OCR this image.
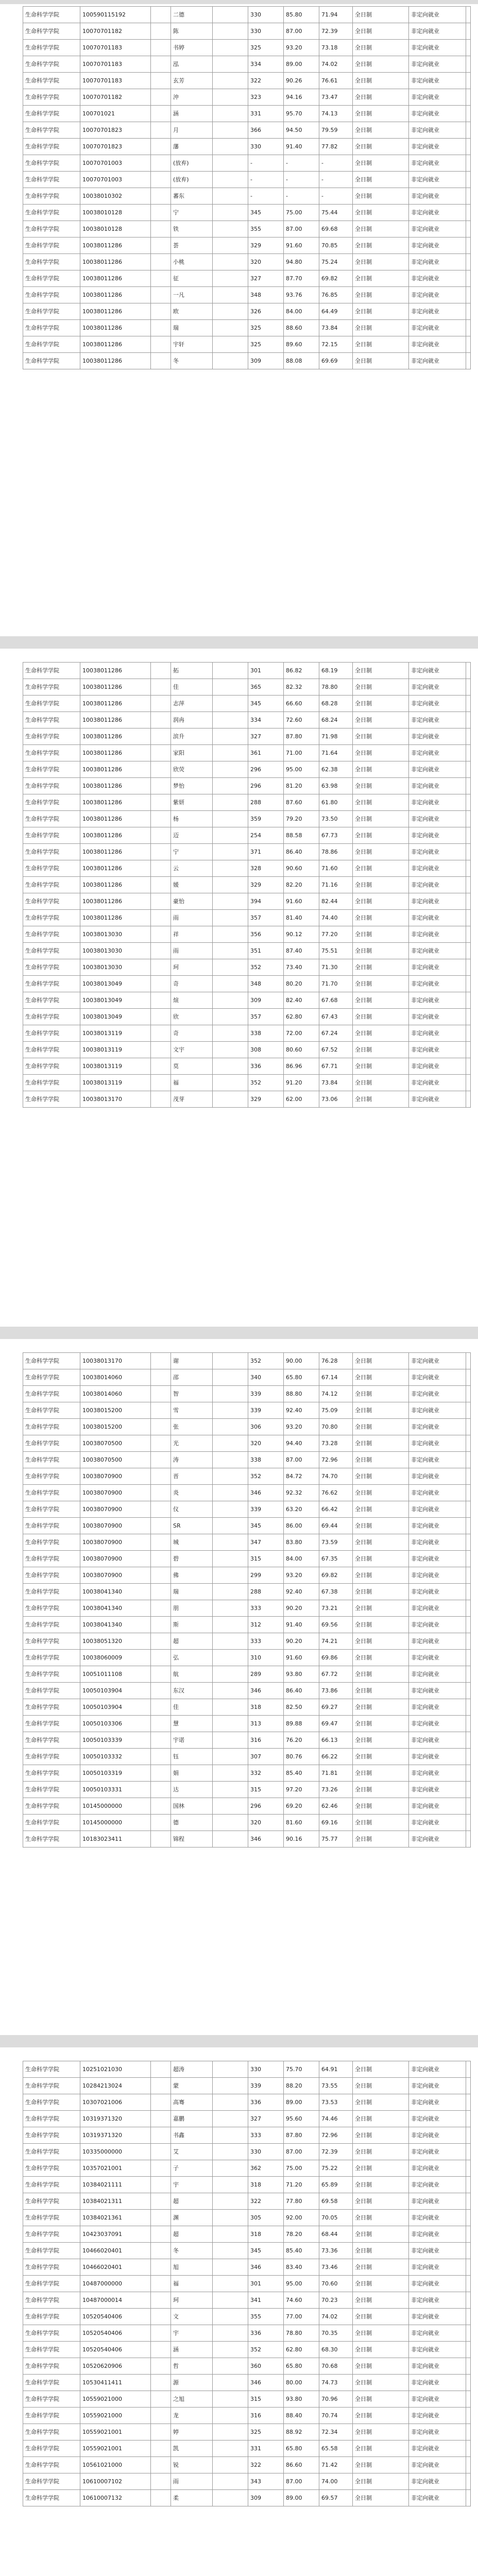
生命科学学院	100590115192		二德		330	85.80	71.94	全日制	非定向就业	
生命科学学院	10070701182		陈		330	87.00	72.39	全日制	非定向就业	
生命科学学院	10070701183		书婷		325	93.20	73.18	全日制	非定向就业	
生命科学学院	10070701183		泓		334	89.00	74.02	全日制	非定向就业	
生命科学学院	10070701183		玄芳		322	90.26	76.61	全日制	非定向就业	
生命科学学院	10070701182		沖		323	94.16	73.47	全日制	非定向就业	
生命科学学院	100701021		涵		331	95.70	74.13	全日制	非定向就业	
生命科学学院	10070701823		月		366	94.50	79.59	全日制	非定向就业	
生命科学学院	10070701823		藩		330	91.40	77.82	全日制	非定向就业	
生命科学学院	10070701003		(放弃)		-	-	-	全日制	非定向就业	
生命科学学院	10070701003		(放弃)		-	-	-	全日制	非定向就业	
生命科学学院	10038010302		蕃东		-	-	-	全日制	非定向就业	
生命科学学院	10038010128		宁		345	75.00	75.44	全日制	非定向就业	
生命科学学院	10038010128		铁		355	87.00	69.68	全日制	非定向就业	
生命科学学院	10038011286		荟		329	91.60	70.85	全日制	非定向就业	
生命科学学院	10038011286		小桃		320	94.80	75.24	全日制	非定向就业	
生命科学学院	10038011286		征		327	87.70	69.82	全日制	非定向就业	
生命科学学院	10038011286		一凡		348	93.76	76.85	全日制	非定向就业	
生命科学学院	10038011286		欧		326	84.00	64.49	全日制	非定向就业	
生命科学学院	10038011286		瑞		325	88.60	73.84	全日制	非定向就业	
生命科学学院	10038011286		宇轩		325	89.60	72.15	全日制	非定向就业	
生命科学学院	10038011286		冬		309	88.08	69.69	全日制	非定向就业	
生命科学学院	10038011286		拓		301	86.82	68.19	全日制	非定向就业	
生命科学学院	10038011286		佳		365	82.32	78.80	全日制	非定向就业	
生命科学学院	10038011286		志萍		345	66.60	68.28	全日制	非定向就业	
生命科学学院	10038011286		润冉		334	72.60	68.24	全日制	非定向就业	
生命科学学院	10038011286		滨升		327	87.80	71.98	全日制	非定向就业	
生命科学学院	10038011286		家阳		361	71.00	71.64	全日制	非定向就业	
生命科学学院	10038011286		欣荧		296	95.00	62.38	全日制	非定向就业	
生命科学学院	10038011286		梦怡		296	81.20	63.98	全日制	非定向就业	
生命科学学院	10038011286		紫妍		288	87.60	61.80	全日制	非定向就业	
生命科学学院	10038011286		杨		359	79.20	73.50	全日制	非定向就业	
生命科学学院	10038011286		迈		254	88.58	67.73	全日制	非定向就业	
生命科学学院	10038011286		宁		371	86.40	78.86	全日制	非定向就业	
生命科学学院	10038011286		云		328	90.60	71.60	全日制	非定向就业	
生命科学学院	10038011286		媛		329	82.20	71.16	全日制	非定向就业	
生命科学学院	10038011286		豪怡		394	91.60	82.44	全日制	非定向就业	
生命科学学院	10038011286		雨		357	81.40	74.40	全日制	非定向就业	
生命科学学院	10038013030		祥		356	90.12	77.20	全日制	非定向就业	
生命科学学院	10038013030		雨		351	87.40	75.51	全日制	非定向就业	
生命科学学院	10038013030		珂		352	73.40	71.30	全日制	非定向就业	
生命科学学院	10038013049		奇		348	80.20	71.70	全日制	非定向就业	
生命科学学院	10038013049		煊		309	82.40	67.68	全日制	非定向就业	
生命科学学院	10038013049		欣		357	62.80	67.43	全日制	非定向就业	
生命科学学院	10038013119		奇		338	72.00	67.24	全日制	非定向就业	
生命科学学院	10038013119		文宇		308	80.60	67.52	全日制	非定向就业	
生命科学学院	10038013119		莫		336	86.96	67.71	全日制	非定向就业	
生命科学学院	10038013119		福		352	91.20	73.84	全日制	非定向就业	
生命科学学院	10038013170		茂芽		329	62.00	73.06	全日制	非定向就业	
生命科学学院	10038013170		谢		352	90.00	76.28	全日制	非定向就业	
生命科学学院	10038014060		邵		340	65.80	67.14	全日制	非定向就业	
生命科学学院	10038014060		智		339	88.80	74.12	全日制	非定向就业	
生命科学学院	10038015200		雪		339	92.40	75.09	全日制	非定向就业	
生命科学学院	10038015200		张		306	93.20	70.80	全日制	非定向就业	
生命科学学院	10038070500		光		320	94.40	73.28	全日制	非定向就业	
生命科学学院	10038070500		涛		338	87.00	72.96	全日制	非定向就业	
生命科学学院	10038070900		晋		352	84.72	74.70	全日制	非定向就业	
生命科学学院	10038070900		炎		346	92.32	76.62	全日制	非定向就业	
生命科学学院	10038070900		仪		339	63.20	66.42	全日制	非定向就业	
生命科学学院	10038070900		SR		345	86.00	69.44	全日制	非定向就业	
生命科学学院	10038070900		城		347	83.80	73.59	全日制	非定向就业	
生命科学学院	10038070900		碧		315	84.00	67.35	全日制	非定向就业	
生命科学学院	10038070900		佛		299	93.20	69.82	全日制	非定向就业	
生命科学学院	10038041340		瑞		288	92.40	67.38	全日制	非定向就业	
生命科学学院	10038041340		朋		333	90.20	73.21	全日制	非定向就业	
生命科学学院	10038041340		斯		312	91.40	69.56	全日制	非定向就业	
生命科学学院	10038051320		超		333	90.20	74.21	全日制	非定向就业	
生命科学学院	10038060009		弘		310	91.60	69.86	全日制	非定向就业	
生命科学学院	10051011108		航		289	93.80	67.72	全日制	非定向就业	
生命科学学院	10050103904		东汉		346	86.40	73.86	全日制	非定向就业	
生命科学学院	10050103904		佳		318	82.50	69.27	全日制	非定向就业	
生命科学学院	10050103306		慧		313	89.88	69.47	全日制	非定向就业	
生命科学学院	10050103339		宇诺		316	76.20	66.13	全日制	非定向就业	
生命科学学院	10050103332		钰		307	80.76	66.22	全日制	非定向就业	
生命科学学院	10050103319		娟		332	85.40	71.81	全日制	非定向就业	
生命科学学院	10050103331		达		315	97.20	73.26	全日制	非定向就业	
生命科学学院	10145000000		国林		296	69.20	62.46	全日制	非定向就业	
生命科学学院	10145000000		德		320	81.60	69.16	全日制	非定向就业	
生命科学学院	10183023411		锦程		346	90.16	75.77	全日制	非定向就业	
生命科学学院	10251021030		超涛		330	75.70	64.91	全日制	非定向就业	
生命科学学院	10284213024		蒙		339	88.20	73.55	全日制	非定向就业	
生命科学学院	10307021006		高骞		336	89.00	73.53	全日制	非定向就业	
生命科学学院	10319371320		嘉鹏		327	95.60	74.46	全日制	非定向就业	
生命科学学院	10319371320		书鑫		333	87.80	72.96	全日制	非定向就业	
生命科学学院	10335000000		艾		330	87.00	72.39	全日制	非定向就业	
生命科学学院	10357021001		子		362	75.00	75.22	全日制	非定向就业	
生命科学学院	10384021111		宇		318	71.20	65.89	全日制	非定向就业	
生命科学学院	10384021311		超		322	77.80	69.58	全日制	非定向就业	
生命科学学院	10384021361		渊		305	92.00	70.05	全日制	非定向就业	
生命科学学院	10423037091		超		318	78.20	68.44	全日制	非定向就业	
生命科学学院	10466020401		冬		345	85.40	73.36	全日制	非定向就业	
生命科学学院	10466020401		旭		346	83.40	73.46	全日制	非定向就业	
生命科学学院	10487000000		福		301	95.00	70.60	全日制	非定向就业	
生命科学学院	10487000014		珂		341	74.60	70.23	全日制	非定向就业	
生命科学学院	10520540406		文		355	77.00	74.02	全日制	非定向就业	
生命科学学院	10520540406		宇		336	78.80	70.35	全日制	非定向就业	
生命科学学院	10520540406		涵		352	62.80	68.30	全日制	非定向就业	
生命科学学院	10520620906		哲		360	65.80	70.68	全日制	非定向就业	
生命科学学院	10530411411		源		346	80.00	74.73	全日制	非定向就业	
生命科学学院	10559021000		之旭		315	93.80	70.96	全日制	非定向就业	
生命科学学院	10559021000		龙		316	88.40	70.74	全日制	非定向就业	
生命科学学院	10559021001		婷		325	88.92	72.34	全日制	非定向就业	
生命科学学院	10559021001		凯		331	65.80	65.58	全日制	非定向就业	
生命科学学院	10561021000		锐		322	86.60	71.42	全日制	非定向就业	
生命科学学院	10610007102		雨		343	87.00	74.00	全日制	非定向就业	
生命科学学院	10610007132		柔		309	89.00	69.57	全日制	非定向就业	
